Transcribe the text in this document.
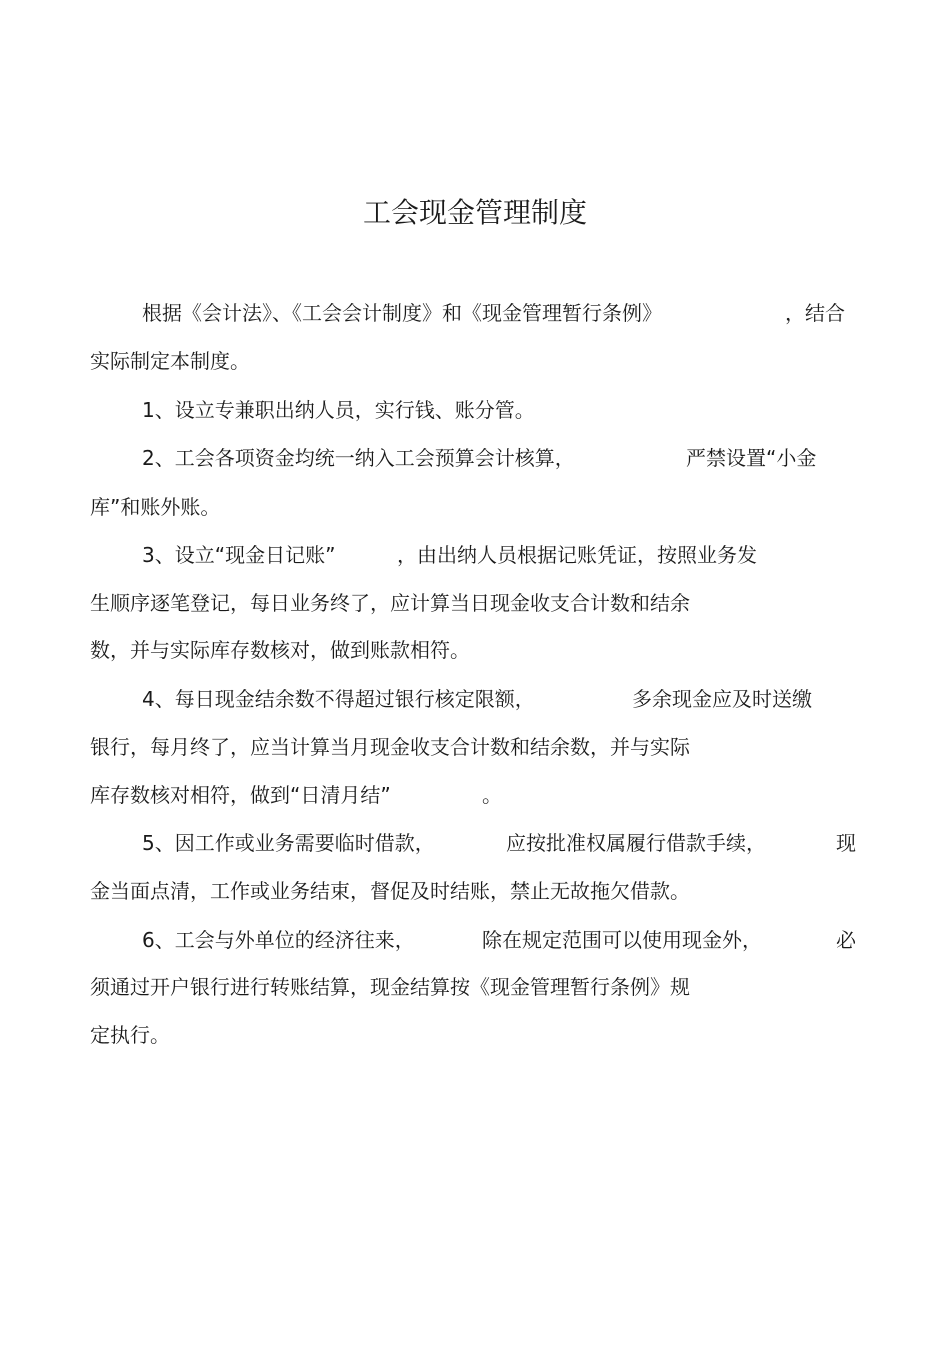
工会现金管理制度
根据《会计法》、《工会会计制度》和《现金管理暂行条例》	，结合
实际制定本制度。
1、设立专兼职出纳人员，实行钱、账分管。
2、工会各项资金均统一纳入工会预算会计核算，	严禁设置“小金
库”和账外账。
3、设立“现金日记账”	，由出纳人员根据记账凭证，按照业务发
生顺序逐笔登记，每日业务终了，应计算当日现金收支合计数和结余
数，并与实际库存数核对，做到账款相符。
4、每日现金结余数不得超过银行核定限额，	多余现金应及时送缴
银行，每月终了，应当计算当月现金收支合计数和结余数，并与实际
库存数核对相符，做到“日清月结”	。
5、因工作或业务需要临时借款，	应按批准权属履行借款手续，	现
金当面点清，工作或业务结束，督促及时结账，禁止无故拖欠借款。
6、工会与外单位的经济往来，	除在规定范围可以使用现金外，	必
须通过开户银行进行转账结算，现金结算按《现金管理暂行条例》规
定执行。
